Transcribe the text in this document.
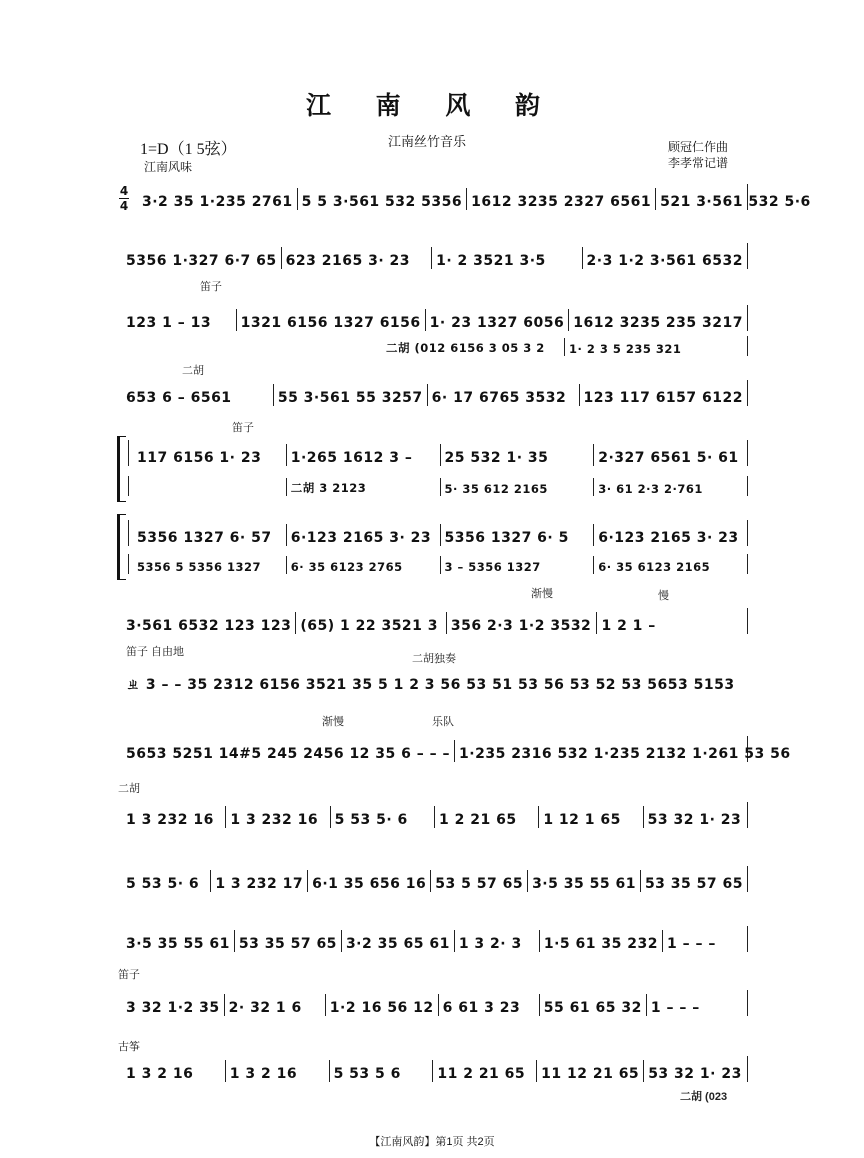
江 南 风 韵
1=D（1 5弦）
江南风味
江南丝竹音乐	顾冠仁作曲
李孝常记谱
4
4
笛子
二胡
笛子
渐慢	慢
笛子 自由地
二胡独奏
渐慢	乐队
二胡
笛子
古筝
3·2 35 1·235 2761 5 5 3·561 532 5356 1612 3235 2327 6561 521 3·561 532 5·6
5356 1·327 6·7 65 623 2165 3· 23	1· 2 3521 3·5	2·3 1·2 3·561 6532
123 1 – 13	1321 6156 1327 6156 1· 23 1327 6056 1612 3235 235 3217
二胡 (012 6156 3 05 3 2	1· 2 3 5 235 321
653 6 – 6561	55 3·561 55 3257 6· 17 6765 3532	123 117 6157 6122
117 6156 1· 23	1·265 1612 3 –	25 532 1· 35	2·327 6561 5· 61
二胡 3 2123	5· 35 612 2165	3· 61 2·3 2·761
5356 1327 6· 57	6·123 2165 3· 23 5356 1327 6· 5	6·123 2165 3· 23
5356 5 5356 1327	6· 35 6123 2765	3 – 5356 1327	6· 35 6123 2165
3·561 6532 123 123 (65) 1 22 3521 3 356 2·3 1·2 3532 1 2 1 –
ㄓ 3 – – 35 2312 6156 3521 35 5 1 2 3 56 53 51 53 56 53 52 53 5653 5153
5653 5251 14#5 245 2456 12 35 6 – – – 1·235 2316 532 1·235 2132 1·261 53 56
1 3 232 16	1 3 232 16	5 53 5· 6	1 2 21 65	1 12 1 65	53 32 1· 23
5 53 5· 6	1 3 232 17 6·1 35 656 16 53 5 57 65 3·5 35 55 61 53 35 57 65
3·5 35 55 61 53 35 57 65 3·2 35 65 61 1 3 2· 3	1·5 61 35 232 1 – – –
3 32 1·2 35 2· 32 1 6	1·2 16 56 12 6 61 3 23	55 61 65 32 1 – – –
1 3 2 16	1 3 2 16	5 53 5 6	11 2 21 65	11 12 21 65 53 32 1· 23
二胡 (023
【江南风韵】第1页 共2页
